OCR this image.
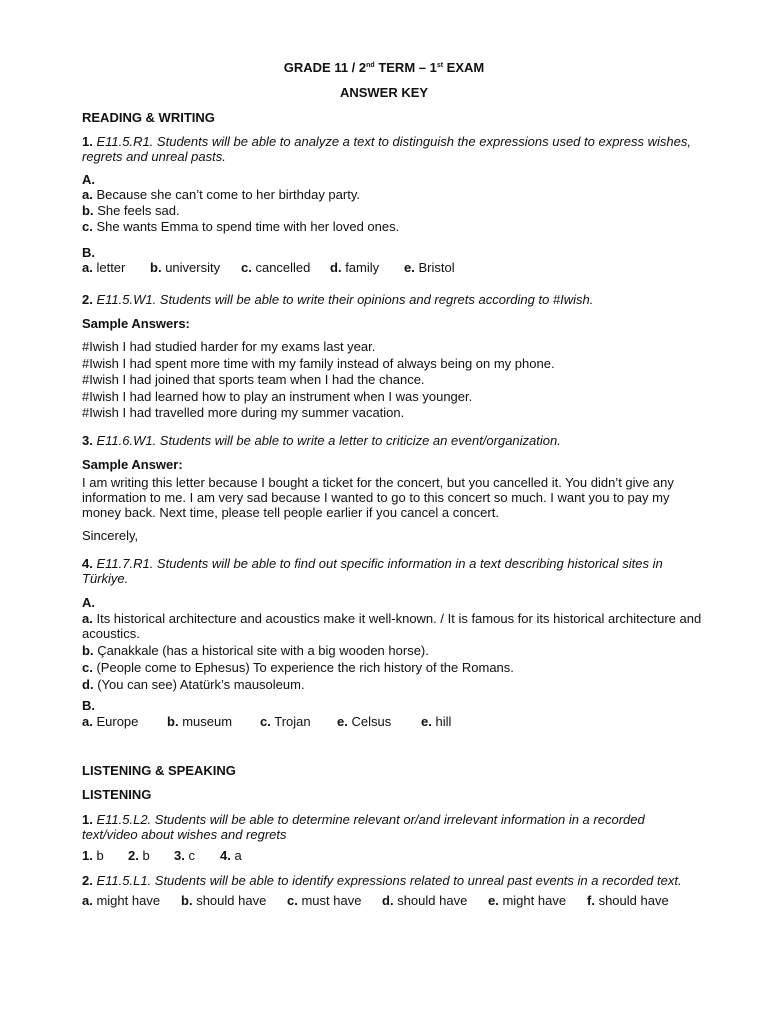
GRADE 11 / 2nd TERM – 1st EXAM
ANSWER KEY
READING & WRITING
1. E11.5.R1. Students will be able to analyze a text to distinguish the expressions used to express wishes, regrets and unreal pasts.
A.
a. Because she can’t come to her birthday party.
b. She feels sad.
c. She wants Emma to spend time with her loved ones.
B.
a. letter	b. university	c. cancelled	d. family	e. Bristol
2. E11.5.W1. Students will be able to write their opinions and regrets according to #Iwish.
Sample Answers:
#Iwish I had studied harder for my exams last year.
#Iwish I had spent more time with my family instead of always being on my phone.
#Iwish I had joined that sports team when I had the chance.
#Iwish I had learned how to play an instrument when I was younger.
#Iwish I had travelled more during my summer vacation.
3. E11.6.W1. Students will be able to write a letter to criticize an event/organization.
Sample Answer:
I am writing this letter because I bought a ticket for the concert, but you cancelled it. You didn’t give any information to me. I am very sad because I wanted to go to this concert so much. I want you to pay my money back. Next time, please tell people earlier if you cancel a concert.
Sincerely,
4. E11.7.R1. Students will be able to find out specific information in a text describing historical sites in Türkiye.
A.
a. Its historical architecture and acoustics make it well-known. / It is famous for its historical architecture and acoustics.
b. Çanakkale (has a historical site with a big wooden horse).
c. (People come to Ephesus) To experience the rich history of the Romans.
d. (You can see) Atatürk’s mausoleum.
B.
a. Europe	b. museum	c. Trojan	e. Celsus	e. hill
LISTENING & SPEAKING
LISTENING
1. E11.5.L2. Students will be able to determine relevant or/and irrelevant information in a recorded text/video about wishes and regrets
1. b	2. b	3. c	4. a
2. E11.5.L1. Students will be able to identify expressions related to unreal past events in a recorded text.
a. might have	b. should have	c. must have	d. should have	e. might have	f. should have
